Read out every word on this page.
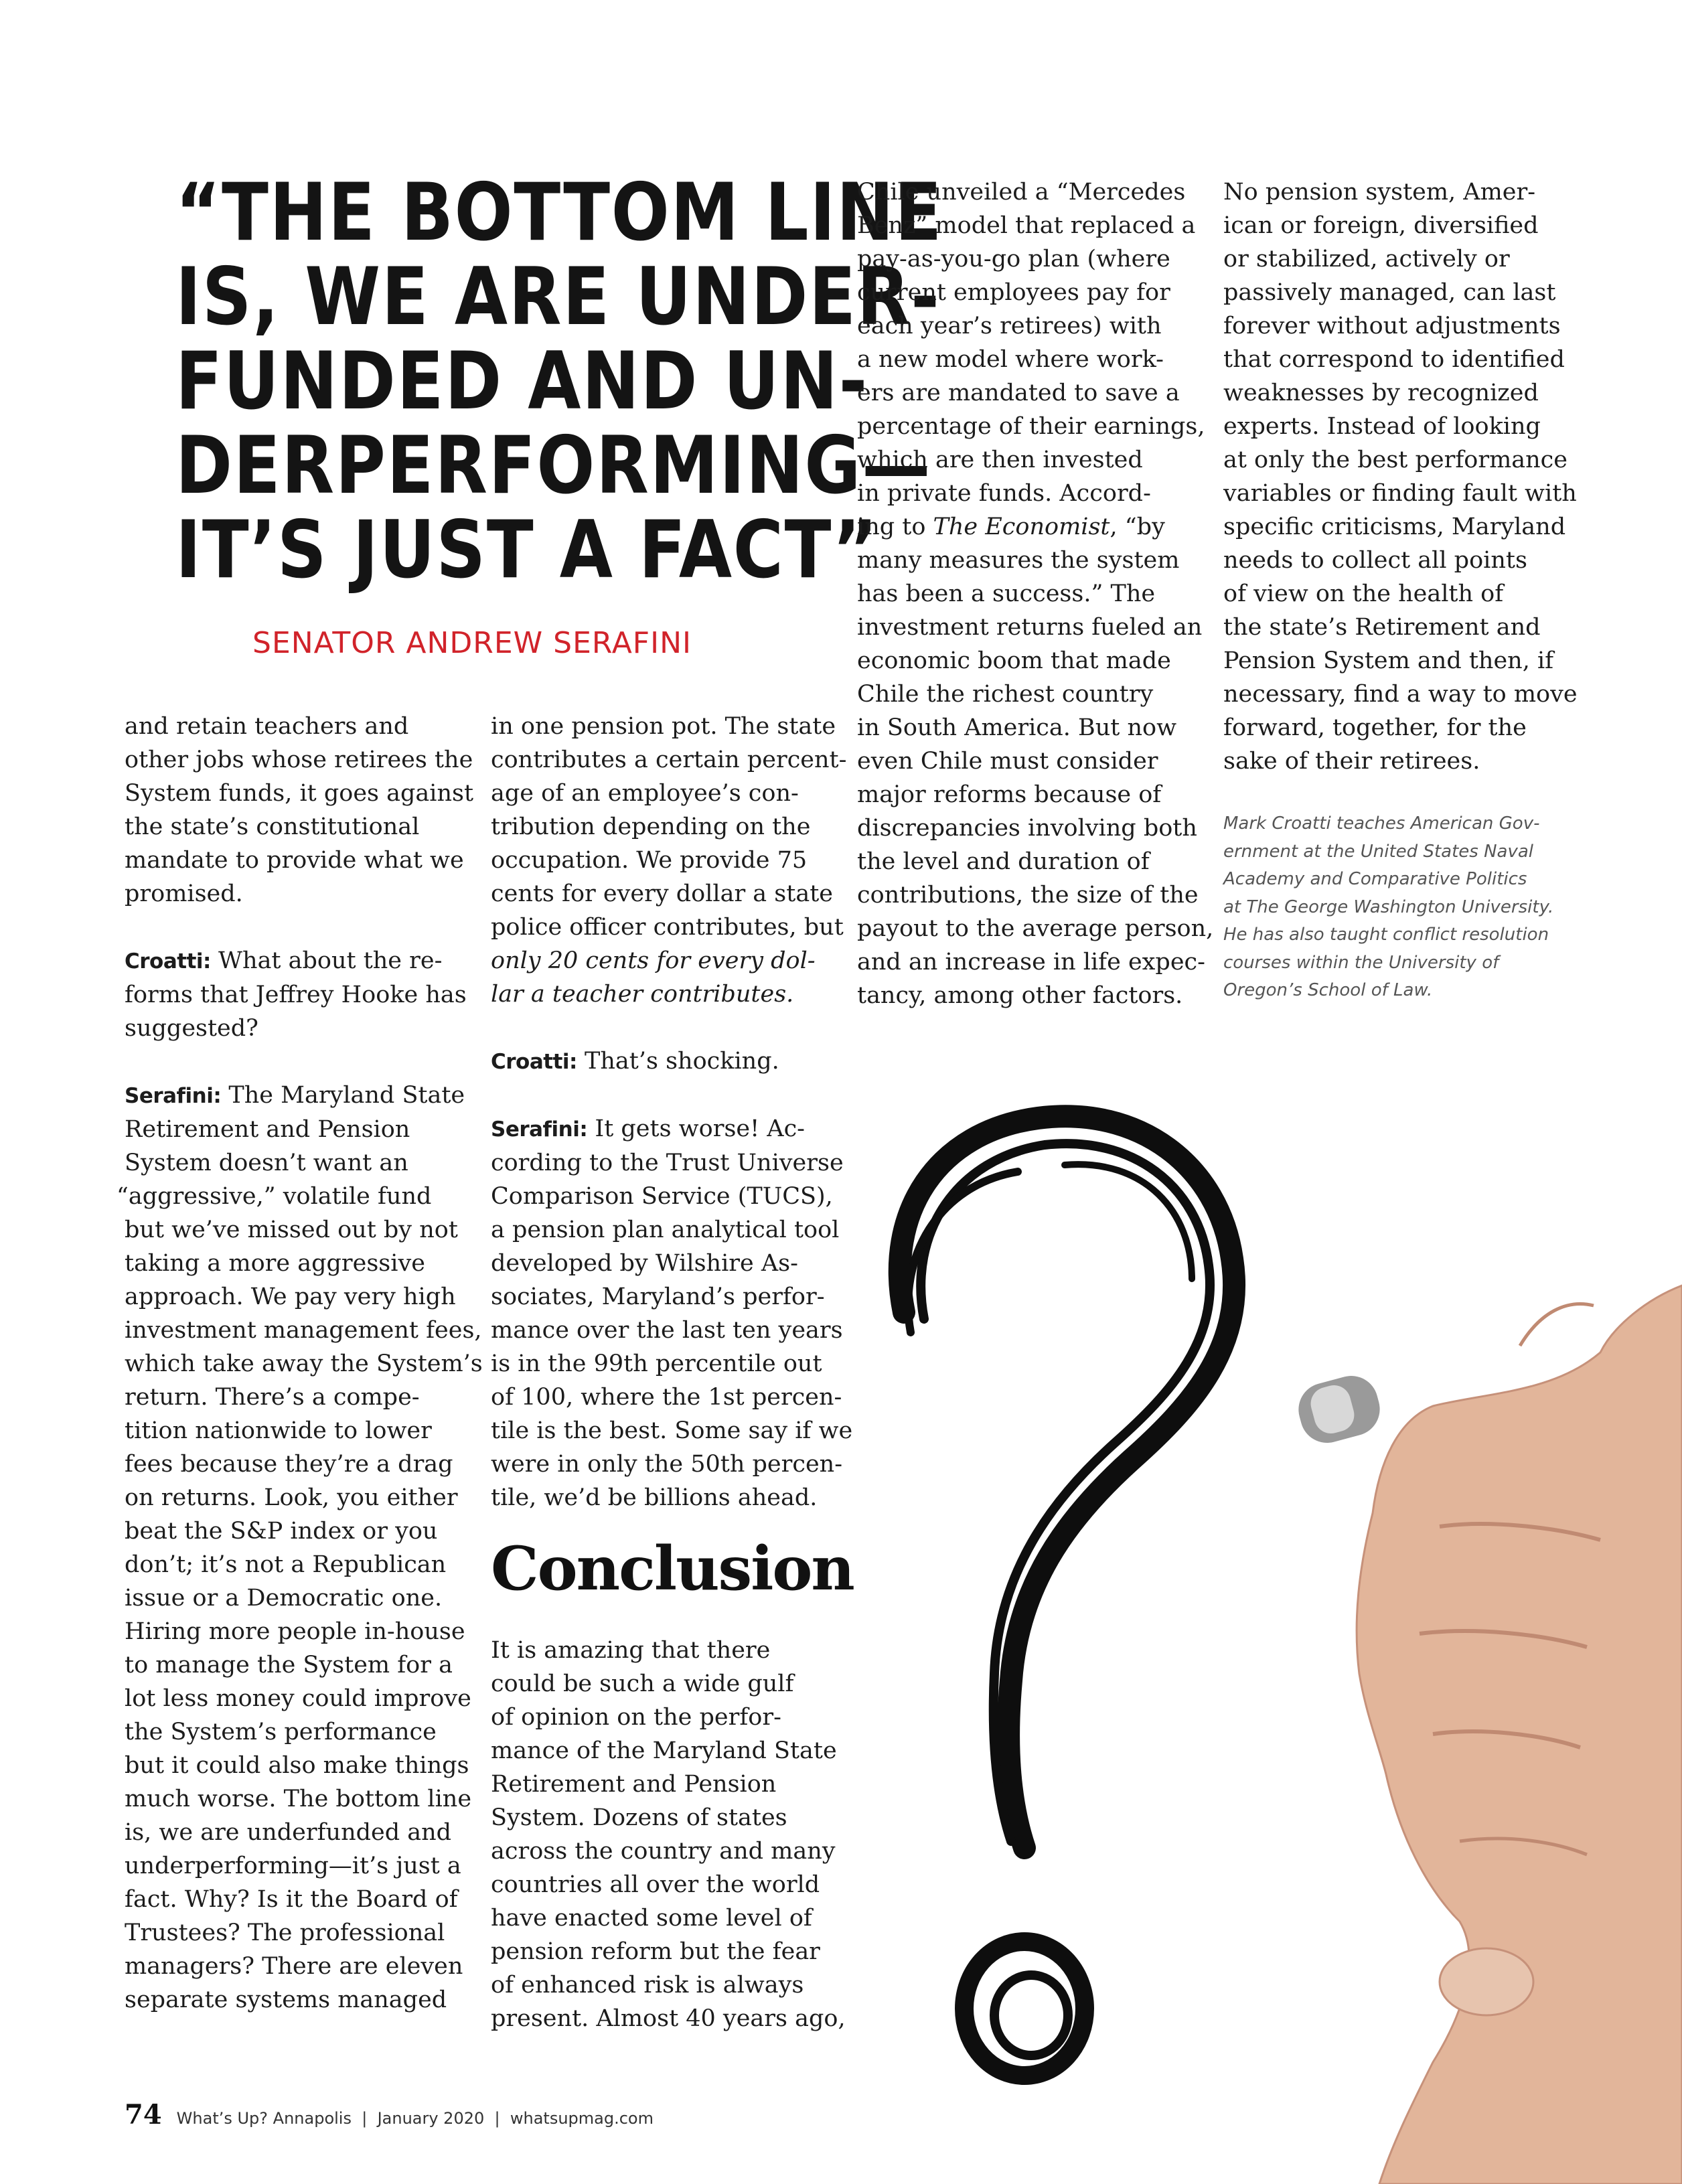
“THE BOTTOM LINE
IS, WE ARE UNDER-
FUNDED AND UN-
DERPERFORMING—
IT’S JUST A FACT”
SENATOR ANDREW SERAFINI
and retain teachers and
other jobs whose retirees the
System funds, it goes against
the state’s constitutional
mandate to provide what we
promised.
Croatti: What about the re-
forms that Jeffrey Hooke has
suggested?
Serafini: The Maryland State
Retirement and Pension
System doesn’t want an
“aggressive,” volatile fund
but we’ve missed out by not
taking a more aggressive
approach. We pay very high
investment management fees,
which take away the System’s
return. There’s a compe-
tition nationwide to lower
fees because they’re a drag
on returns. Look, you either
beat the S&P index or you
don’t; it’s not a Republican
issue or a Democratic one.
Hiring more people in-house
to manage the System for a
lot less money could improve
the System’s performance
but it could also make things
much worse. The bottom line
is, we are underfunded and
underperforming—it’s just a
fact. Why? Is it the Board of
Trustees? The professional
managers? There are eleven
separate systems managed
in one pension pot. The state
contributes a certain percent-
age of an employee’s con-
tribution depending on the
occupation. We provide 75
cents for every dollar a state
police officer contributes, but
only 20 cents for every dol-
lar a teacher contributes.
Croatti: That’s shocking.
Serafini: It gets worse! Ac-
cording to the Trust Universe
Comparison Service (TUCS),
a pension plan analytical tool
developed by Wilshire As-
sociates, Maryland’s perfor-
mance over the last ten years
is in the 99th percentile out
of 100, where the 1st percen-
tile is the best. Some say if we
were in only the 50th percen-
tile, we’d be billions ahead.
Conclusion
It is amazing that there
could be such a wide gulf
of opinion on the perfor-
mance of the Maryland State
Retirement and Pension
System. Dozens of states
across the country and many
countries all over the world
have enacted some level of
pension reform but the fear
of enhanced risk is always
present. Almost 40 years ago,
Chile unveiled a “Mercedes
Benz” model that replaced a
pay-as-you-go plan (where
current employees pay for
each year’s retirees) with
a new model where work-
ers are mandated to save a
percentage of their earnings,
which are then invested
in private funds. Accord-
ing to The Economist, “by
many measures the system
has been a success.” The
investment returns fueled an
economic boom that made
Chile the richest country
in South America. But now
even Chile must consider
major reforms because of
discrepancies involving both
the level and duration of
contributions, the size of the
payout to the average person,
and an increase in life expec-
tancy, among other factors.
No pension system, Amer-
ican or foreign, diversified
or stabilized, actively or
passively managed, can last
forever without adjustments
that correspond to identified
weaknesses by recognized
experts. Instead of looking
at only the best performance
variables or finding fault with
specific criticisms, Maryland
needs to collect all points
of view on the health of
the state’s Retirement and
Pension System and then, if
necessary, find a way to move
forward, together, for the
sake of their retirees.
Mark Croatti teaches American Gov-
ernment at the United States Naval
Academy and Comparative Politics
at The George Washington University.
He has also taught conflict resolution
courses within the University of
Oregon’s School of Law.
74 What’s Up? Annapolis  |  January 2020  |  whatsupmag.com
